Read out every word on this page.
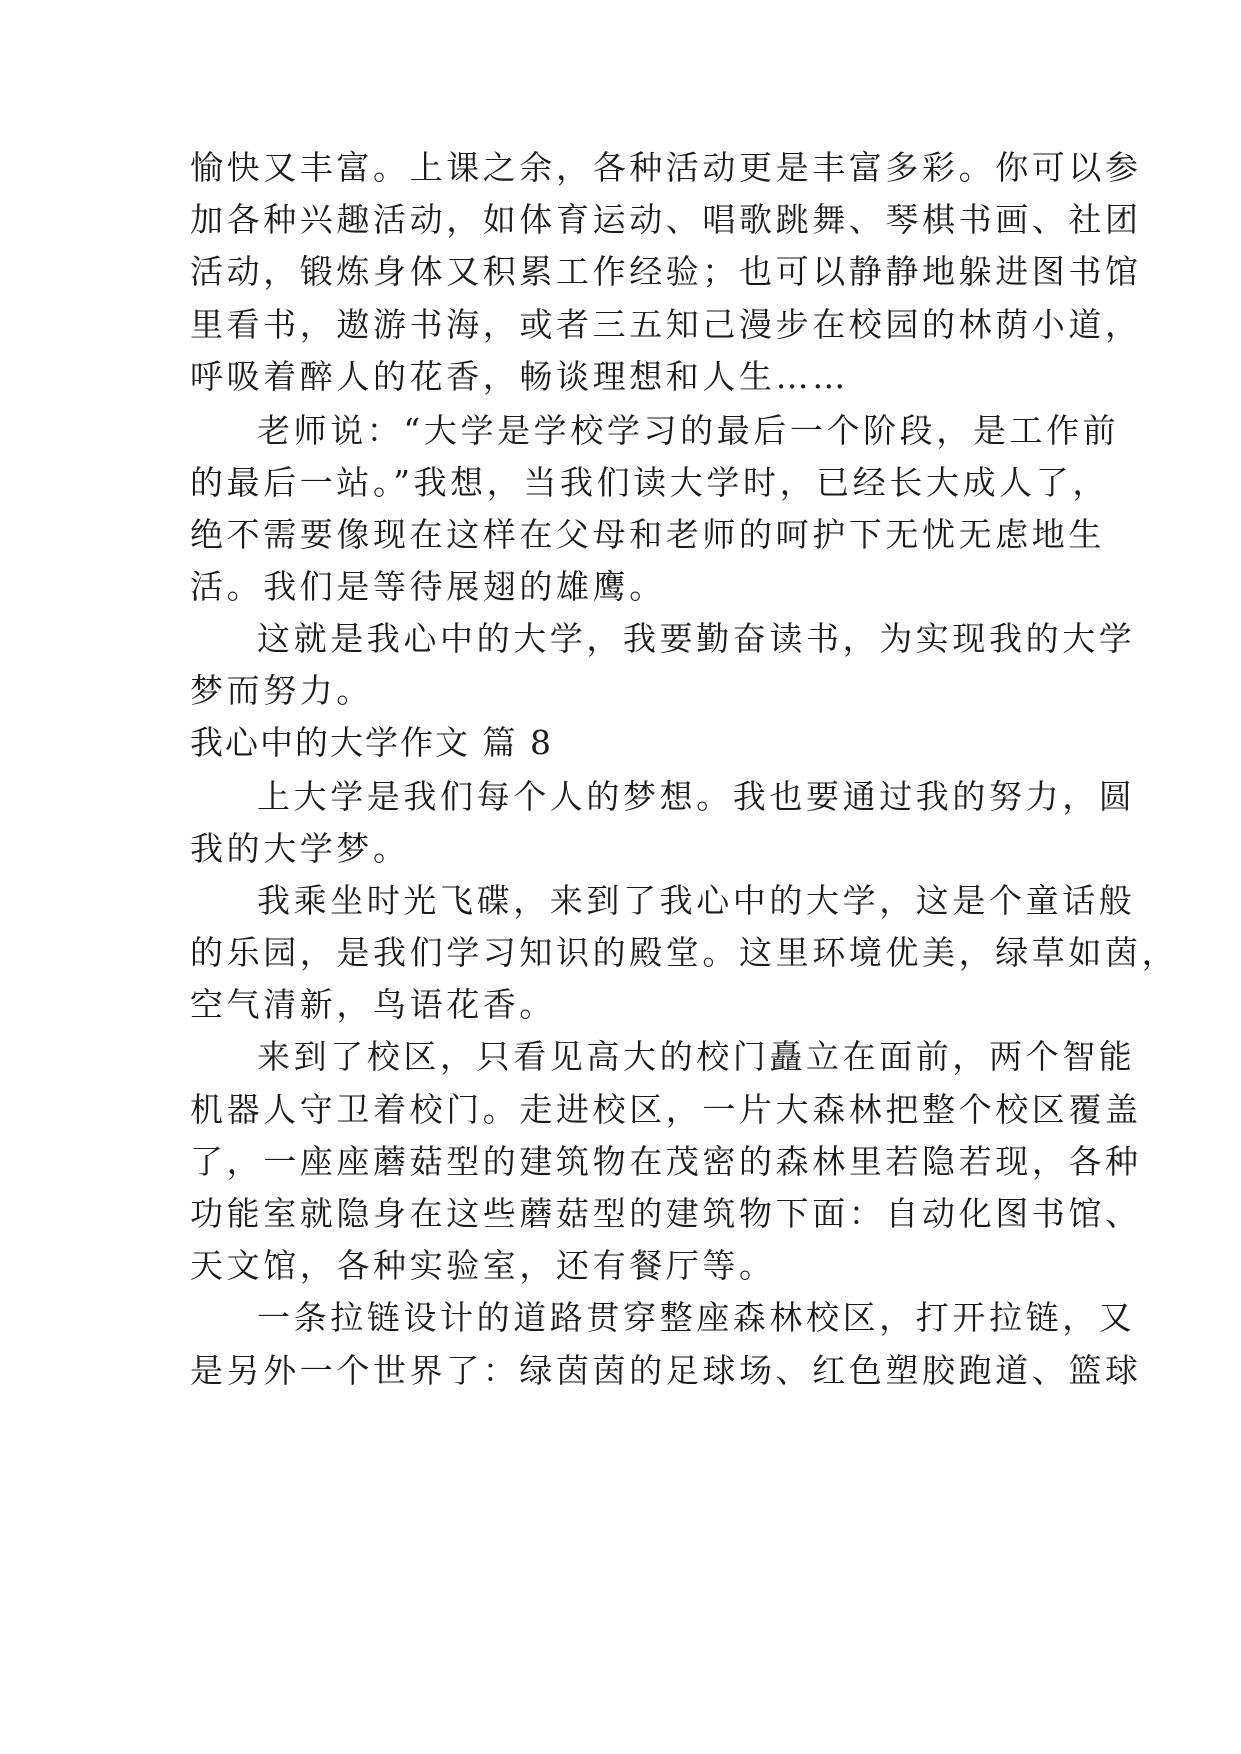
愉快又丰富。上课之余，各种活动更是丰富多彩。你可以参
加各种兴趣活动，如体育运动、唱歌跳舞、琴棋书画、社团
活动，锻炼身体又积累工作经验；也可以静静地躲进图书馆
里看书，遨游书海，或者三五知己漫步在校园的林荫小道，
呼吸着醉人的花香，畅谈理想和人生……
老师说：“大学是学校学习的最后一个阶段，是工作前
的最后一站。”我想，当我们读大学时，已经长大成人了，
绝不需要像现在这样在父母和老师的呵护下无忧无虑地生
活。我们是等待展翅的雄鹰。
这就是我心中的大学，我要勤奋读书，为实现我的大学
梦而努力。
我心中的大学作文 篇 8
上大学是我们每个人的梦想。我也要通过我的努力，圆
我的大学梦。
我乘坐时光飞碟，来到了我心中的大学，这是个童话般
的乐园，是我们学习知识的殿堂。这里环境优美，绿草如茵，
空气清新，鸟语花香。
来到了校区，只看见高大的校门矗立在面前，两个智能
机器人守卫着校门。走进校区，一片大森林把整个校区覆盖
了，一座座蘑菇型的建筑物在茂密的森林里若隐若现，各种
功能室就隐身在这些蘑菇型的建筑物下面：自动化图书馆、
天文馆，各种实验室，还有餐厅等。
一条拉链设计的道路贯穿整座森林校区，打开拉链，又
是另外一个世界了：绿茵茵的足球场、红色塑胶跑道、篮球
